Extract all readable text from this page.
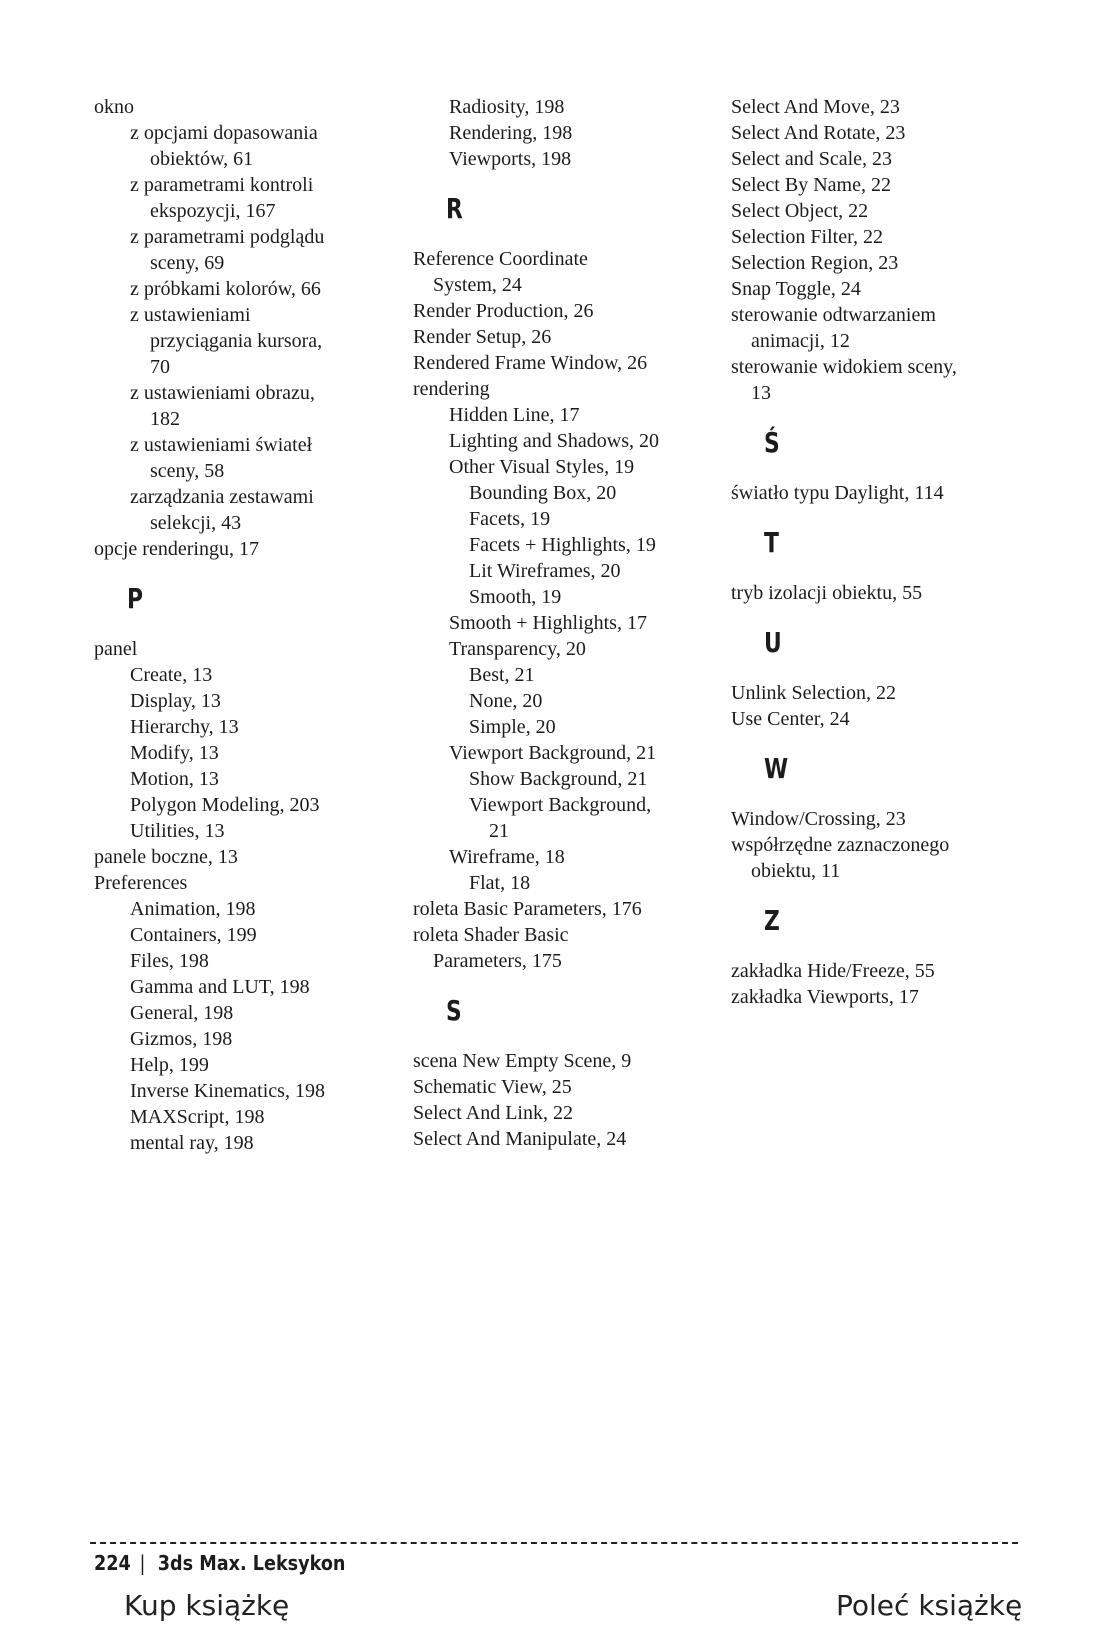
okno
z opcjami dopasowania
obiektów, 61
z parametrami kontroli
ekspozycji, 167
z parametrami podglądu
sceny, 69
z próbkami kolorów, 66
z ustawieniami
przyciągania kursora,
70
z ustawieniami obrazu,
182
z ustawieniami świateł
sceny, 58
zarządzania zestawami
selekcji, 43
opcje renderingu, 17
P
panel
Create, 13
Display, 13
Hierarchy, 13
Modify, 13
Motion, 13
Polygon Modeling, 203
Utilities, 13
panele boczne, 13
Preferences
Animation, 198
Containers, 199
Files, 198
Gamma and LUT, 198
General, 198
Gizmos, 198
Help, 199
Inverse Kinematics, 198
MAXScript, 198
mental ray, 198
Radiosity, 198
Rendering, 198
Viewports, 198
R
Reference Coordinate
System, 24
Render Production, 26
Render Setup, 26
Rendered Frame Window, 26
rendering
Hidden Line, 17
Lighting and Shadows, 20
Other Visual Styles, 19
Bounding Box, 20
Facets, 19
Facets + Highlights, 19
Lit Wireframes, 20
Smooth, 19
Smooth + Highlights, 17
Transparency, 20
Best, 21
None, 20
Simple, 20
Viewport Background, 21
Show Background, 21
Viewport Background,
21
Wireframe, 18
Flat, 18
roleta Basic Parameters, 176
roleta Shader Basic
Parameters, 175
S
scena New Empty Scene, 9
Schematic View, 25
Select And Link, 22
Select And Manipulate, 24
Select And Move, 23
Select And Rotate, 23
Select and Scale, 23
Select By Name, 22
Select Object, 22
Selection Filter, 22
Selection Region, 23
Snap Toggle, 24
sterowanie odtwarzaniem
animacji, 12
sterowanie widokiem sceny,
13
Ś
światło typu Daylight, 114
T
tryb izolacji obiektu, 55
U
Unlink Selection, 22
Use Center, 24
W
Window/Crossing, 23
współrzędne zaznaczonego
obiektu, 11
Z
zakładka Hide/Freeze, 55
zakładka Viewports, 17
224 | 3ds Max. Leksykon
Kup książkę	Poleć książkę
